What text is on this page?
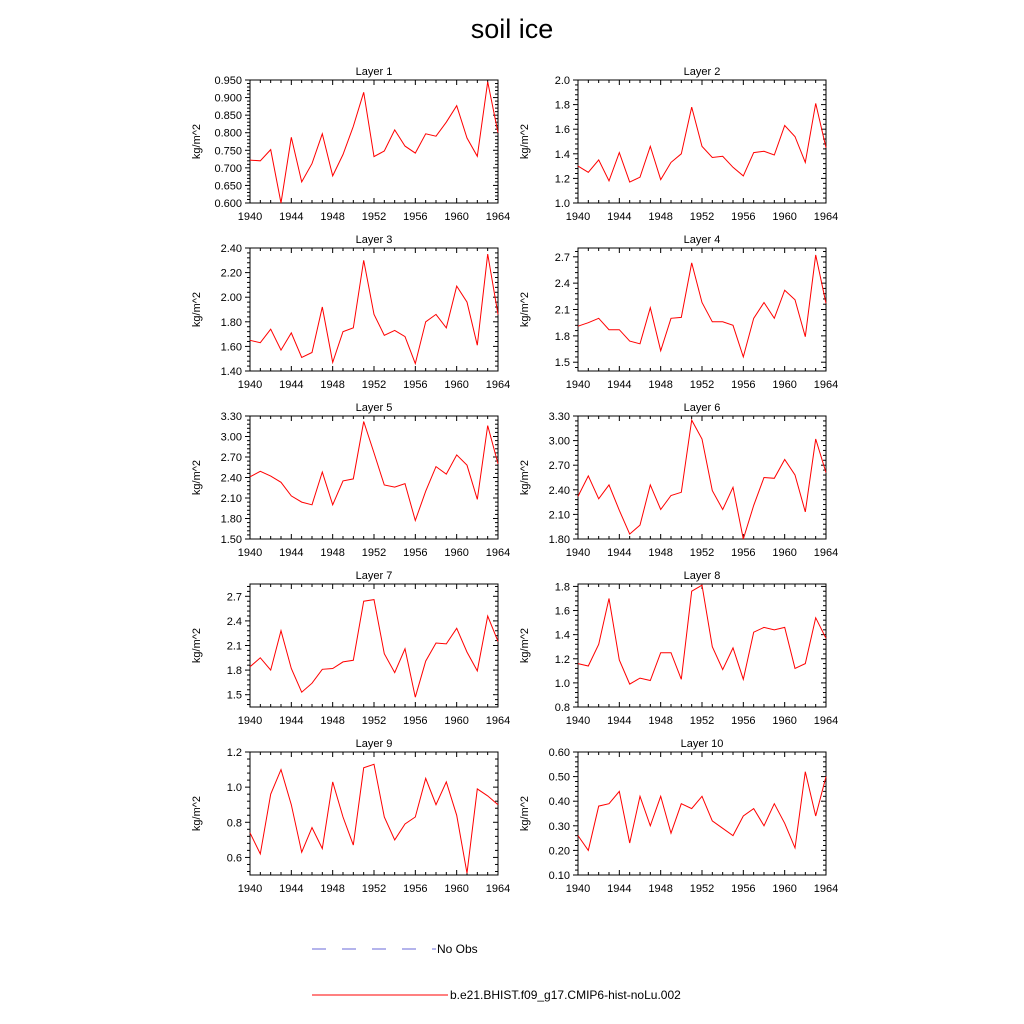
soil ice
Layer 1
kg/m^2
1940 1944 1948 1952 1956 1960 1964
0.600
0.650
0.700
0.750
0.800
0.850
0.900
0.950
Layer 2
kg/m^2
1940 1944 1948 1952 1956 1960 1964
1.0
1.2
1.4
1.6
1.8
2.0
Layer 3
kg/m^2
1940 1944 1948 1952 1956 1960 1964
1.40
1.60
1.80
2.00
2.20
2.40
Layer 4
kg/m^2
1940 1944 1948 1952 1956 1960 1964
1.5
1.8
2.1
2.4
2.7
Layer 5
kg/m^2
1940 1944 1948 1952 1956 1960 1964
1.50
1.80
2.10
2.40
2.70
3.00
3.30
Layer 6
kg/m^2
1940 1944 1948 1952 1956 1960 1964
1.80
2.10
2.40
2.70
3.00
3.30
Layer 7
kg/m^2
1940 1944 1948 1952 1956 1960 1964
1.5
1.8
2.1
2.4
2.7
Layer 8
kg/m^2
1940 1944 1948 1952 1956 1960 1964
0.8
1.0
1.2
1.4
1.6
1.8
Layer 9
kg/m^2
1940 1944 1948 1952 1956 1960 1964
0.6
0.8
1.0
1.2
Layer 10
kg/m^2
1940 1944 1948 1952 1956 1960 1964
0.10
0.20
0.30
0.40
0.50
0.60
No Obs
b.e21.BHIST.f09_g17.CMIP6-hist-noLu.002
